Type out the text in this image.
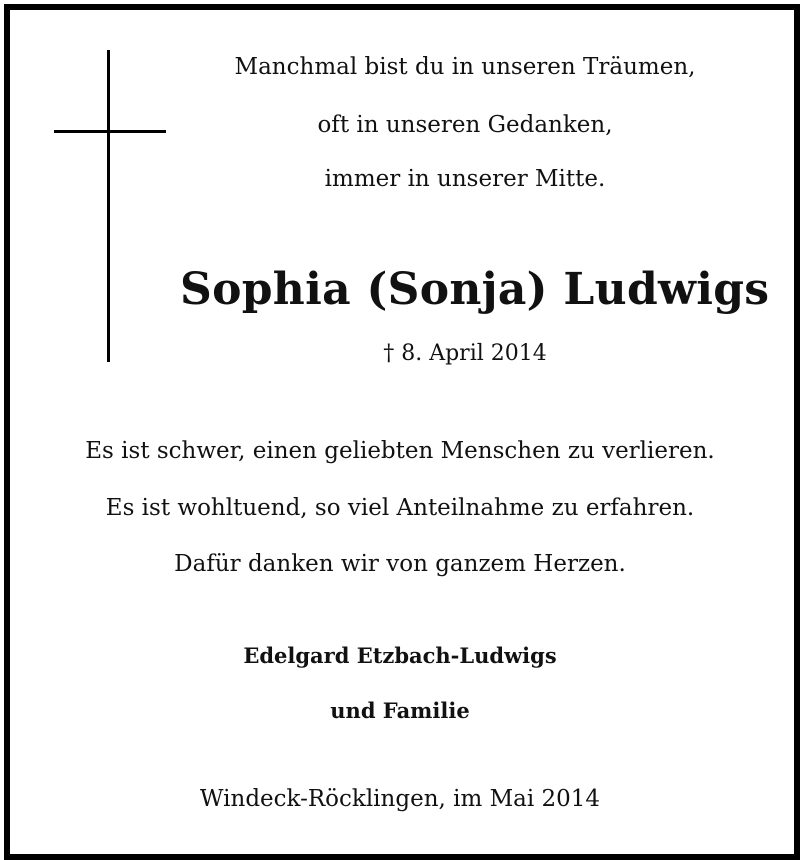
Manchmal bist du in unseren Träumen,
oft in unseren Gedanken,
immer in unserer Mitte.
Sophia (Sonja) Ludwigs
† 8. April 2014
Es ist schwer, einen geliebten Menschen zu verlieren.
Es ist wohltuend, so viel Anteilnahme zu erfahren.
Dafür danken wir von ganzem Herzen.
Edelgard Etzbach-Ludwigs
und Familie
Windeck-Röcklingen, im Mai 2014
